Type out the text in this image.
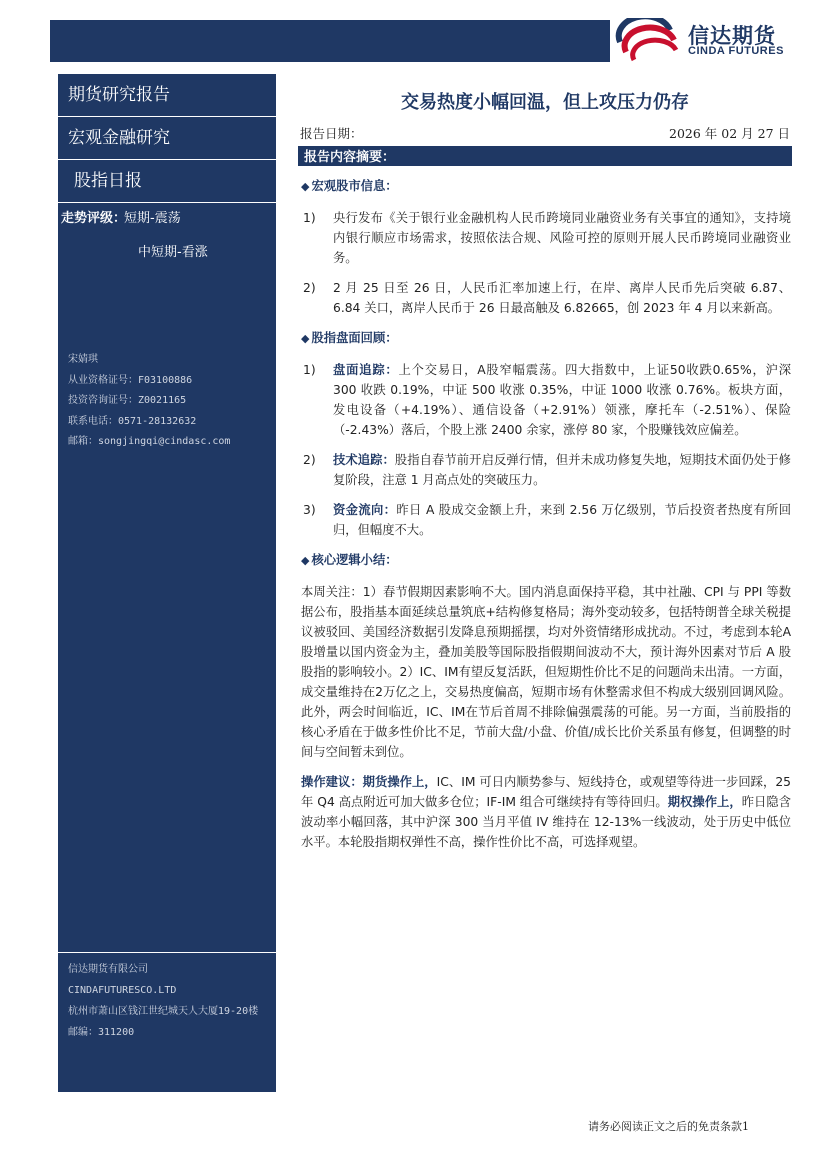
信达期货
CINDA FUTURES
期货研究报告
宏观金融研究
股指日报
走势评级：
短期-震荡
中短期-看涨
宋婧琪
从业资格证号：F03100886
投资咨询证号：Z0021165
联系电话：0571-28132632
邮箱：songjingqi@cindasc.com
信达期货有限公司
CINDAFUTURESCO.LTD
杭州市萧山区钱江世纪城天人大厦19-20楼
邮编：311200
交易热度小幅回温，但上攻压力仍存
报告日期：	2026 年 02 月 27 日
报告内容摘要：
◆ 宏观股市信息：
1) 央行发布《关于银行业金融机构人民币跨境同业融资业务有关事宜的通知》，支持境内银行顺应市场需求，按照依法合规、风险可控的原则开展人民币跨境同业融资业务。
2) 2 月 25 日至 26 日，人民币汇率加速上行，在岸、离岸人民币先后突破 6.87、6.84 关口，离岸人民币于 26 日最高触及 6.82665，创 2023 年 4 月以来新高。
◆ 股指盘面回顾：
1) 盘面追踪：上个交易日，A股窄幅震荡。四大指数中，上证50收跌0.65%，沪深 300 收跌 0.19%，中证 500 收涨 0.35%，中证 1000 收涨 0.76%。板块方面，发电设备（+4.19%）、通信设备（+2.91%）领涨，摩托车（-2.51%）、保险（-2.43%）落后，个股上涨 2400 余家，涨停 80 家，个股赚钱效应偏差。
2) 技术追踪：股指自春节前开启反弹行情，但并未成功修复失地，短期技术面仍处于修复阶段，注意 1 月高点处的突破压力。
3) 资金流向：昨日 A 股成交金额上升，来到 2.56 万亿级别，节后投资者热度有所回归，但幅度不大。
◆ 核心逻辑小结：
本周关注：1）春节假期因素影响不大。国内消息面保持平稳，其中社融、CPI 与 PPI 等数据公布，股指基本面延续总量筑底+结构修复格局；海外变动较多，包括特朗普全球关税提议被驳回、美国经济数据引发降息预期摇摆，均对外资情绪形成扰动。不过，考虑到本轮A股增量以国内资金为主，叠加美股等国际股指假期间波动不大，预计海外因素对节后 A 股股指的影响较小。2）IC、IM有望反复活跃，但短期性价比不足的问题尚未出清。一方面，成交量维持在2万亿之上，交易热度偏高，短期市场有休整需求但不构成大级别回调风险。此外，两会时间临近，IC、IM在节后首周不排除偏强震荡的可能。另一方面，当前股指的核心矛盾在于做多性价比不足，节前大盘/小盘、价值/成长比价关系虽有修复，但调整的时间与空间暂未到位。
操作建议：期货操作上，IC、IM 可日内顺势参与、短线持仓，或观望等待进一步回踩，25 年 Q4 高点附近可加大做多仓位；IF-IM 组合可继续持有等待回归。期权操作上，昨日隐含波动率小幅回落，其中沪深 300 当月平值 IV 维持在 12-13%一线波动，处于历史中低位水平。本轮股指期权弹性不高，操作性价比不高，可选择观望。
请务必阅读正文之后的免责条款1
